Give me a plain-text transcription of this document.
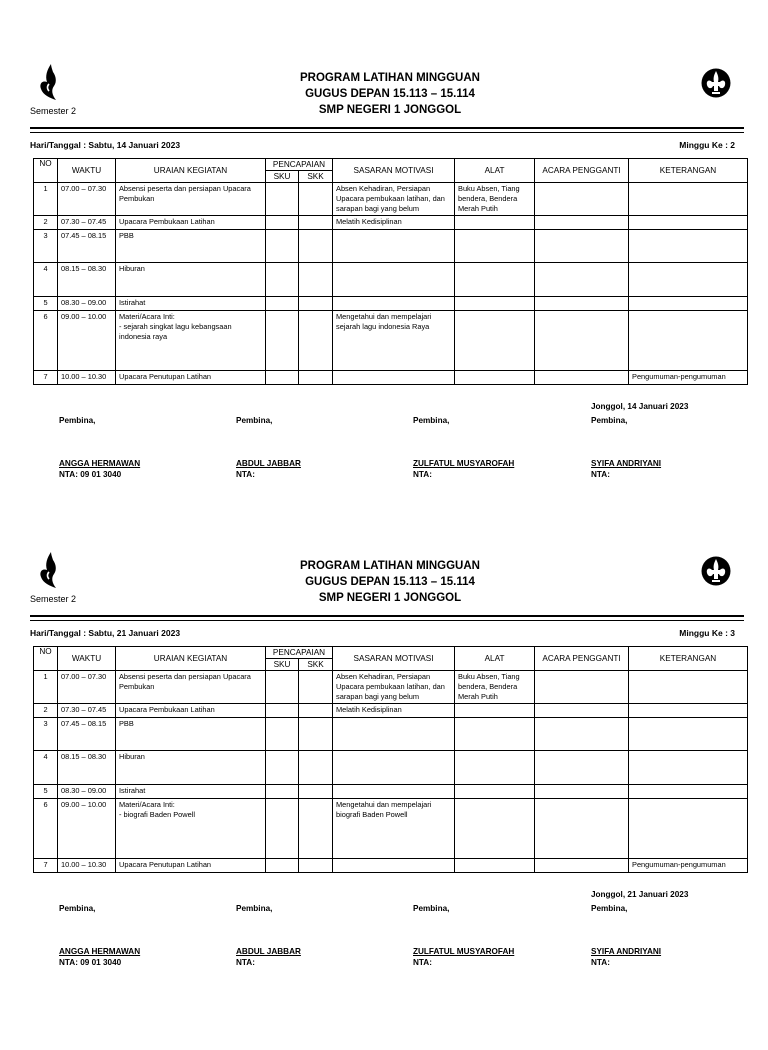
Semester 2
PROGRAM LATIHAN MINGGUAN
GUGUS DEPAN 15.113 – 15.114
SMP NEGERI 1 JONGGOL
Hari/Tanggal : Sabtu, 14 Januari 2023	Minggu Ke : 2
NO	WAKTU	URAIAN KEGIATAN	PENCAPAIAN		SASARAN MOTIVASI	ALAT	ACARA PENGGANTI	KETERANGAN
			SKU	SKK				
1	07.00 – 07.30	Absensi peserta dan persiapan Upacara Pembukan			Absen Kehadiran, Persiapan Upacara pembukaan latihan, dan sarapan bagi yang belum	Buku Absen, Tiang bendera, Bendera Merah Putih		
2	07.30 – 07.45	Upacara Pembukaan Latihan			Melatih Kedisiplinan			
3	07.45 – 08.15	PBB						
4	08.15 – 08.30	Hiburan						
5	08.30 – 09.00	Istirahat						
6	09.00 – 10.00	Materi/Acara Inti:
- sejarah singkat lagu kebangsaan
indonesia raya			Mengetahui dan mempelajari sejarah lagu indonesia Raya			
7	10.00 – 10.30	Upacara Penutupan Latihan						Pengumuman-pengumuman
Jonggol, 14 Januari 2023
Pembina,
ANGGA HERMAWAN
NTA: 09 01 3040
Pembina,
ABDUL JABBAR
NTA:
Pembina,
ZULFATUL MUSYAROFAH
NTA:
Pembina,
SYIFA ANDRIYANI
NTA:
Semester 2
PROGRAM LATIHAN MINGGUAN
GUGUS DEPAN 15.113 – 15.114
SMP NEGERI 1 JONGGOL
Hari/Tanggal : Sabtu, 21 Januari 2023	Minggu Ke : 3
NO	WAKTU	URAIAN KEGIATAN	PENCAPAIAN		SASARAN MOTIVASI	ALAT	ACARA PENGGANTI	KETERANGAN
			SKU	SKK				
1	07.00 – 07.30	Absensi peserta dan persiapan Upacara Pembukan			Absen Kehadiran, Persiapan Upacara pembukaan latihan, dan sarapan bagi yang belum	Buku Absen, Tiang bendera, Bendera Merah Putih		
2	07.30 – 07.45	Upacara Pembukaan Latihan			Melatih Kedisiplinan			
3	07.45 – 08.15	PBB						
4	08.15 – 08.30	Hiburan						
5	08.30 – 09.00	Istirahat						
6	09.00 – 10.00	Materi/Acara Inti:
- biografi Baden Powell			Mengetahui dan mempelajari biografi Baden Powell			
7	10.00 – 10.30	Upacara Penutupan Latihan						Pengumuman-pengumuman
Jonggol, 21 Januari 2023
Pembina,
ANGGA HERMAWAN
NTA: 09 01 3040
Pembina,
ABDUL JABBAR
NTA:
Pembina,
ZULFATUL MUSYAROFAH
NTA:
Pembina,
SYIFA ANDRIYANI
NTA:
